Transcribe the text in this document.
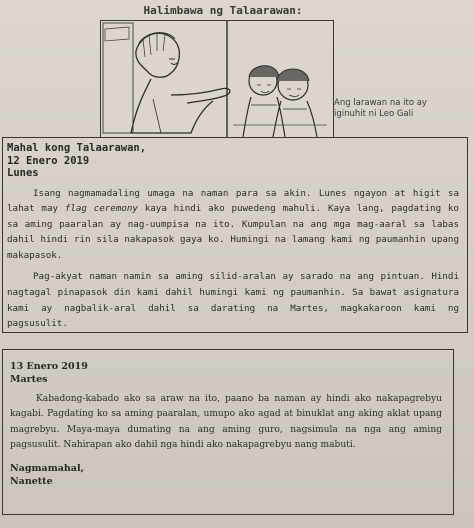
Halimbawa ng Talaarawan:
Ang larawan na ito ay iginuhit ni Leo Gali
Mahal kong Talaarawan,
12 Enero 2019
Lunes

Isang nagmamadaling umaga na naman para sa akin. Lunes ngayon at higit sa lahat may flag ceremony kaya hindi ako puwedeng mahuli. Kaya lang, pagdating ko sa aming paaralan ay nag-uumpisa na ito. Kumpulan na ang mga mag-aaral sa labas dahil hindi rin sila nakapasok gaya ko. Humingi na lamang kami ng paumanhin upang makapasok.

Pag-akyat naman namin sa aming silid-aralan ay sarado na ang pintuan. Hindi nagtagal pinapasok din kami dahil humingi kami ng paumanhin. Sa bawat asignatura kami ay nagbalik-aral dahil sa darating na Martes, magkakaroon kami ng pagsusulit.

13 Enero 2019
Martes

Kabadong-kabado ako sa araw na ito, paano ba naman ay hindi ako nakapagrebyu kagabi. Pagdating ko sa aming paaralan, umupo ako agad at binuklat ang aking aklat upang magrebyu. Maya-maya dumating na ang aming guro, nagsimula na nga ang aming pagsusulit. Nahirapan ako dahil nga hindi ako nakapagrebyu nang mabuti.

Nagmamahal,
Nanette
